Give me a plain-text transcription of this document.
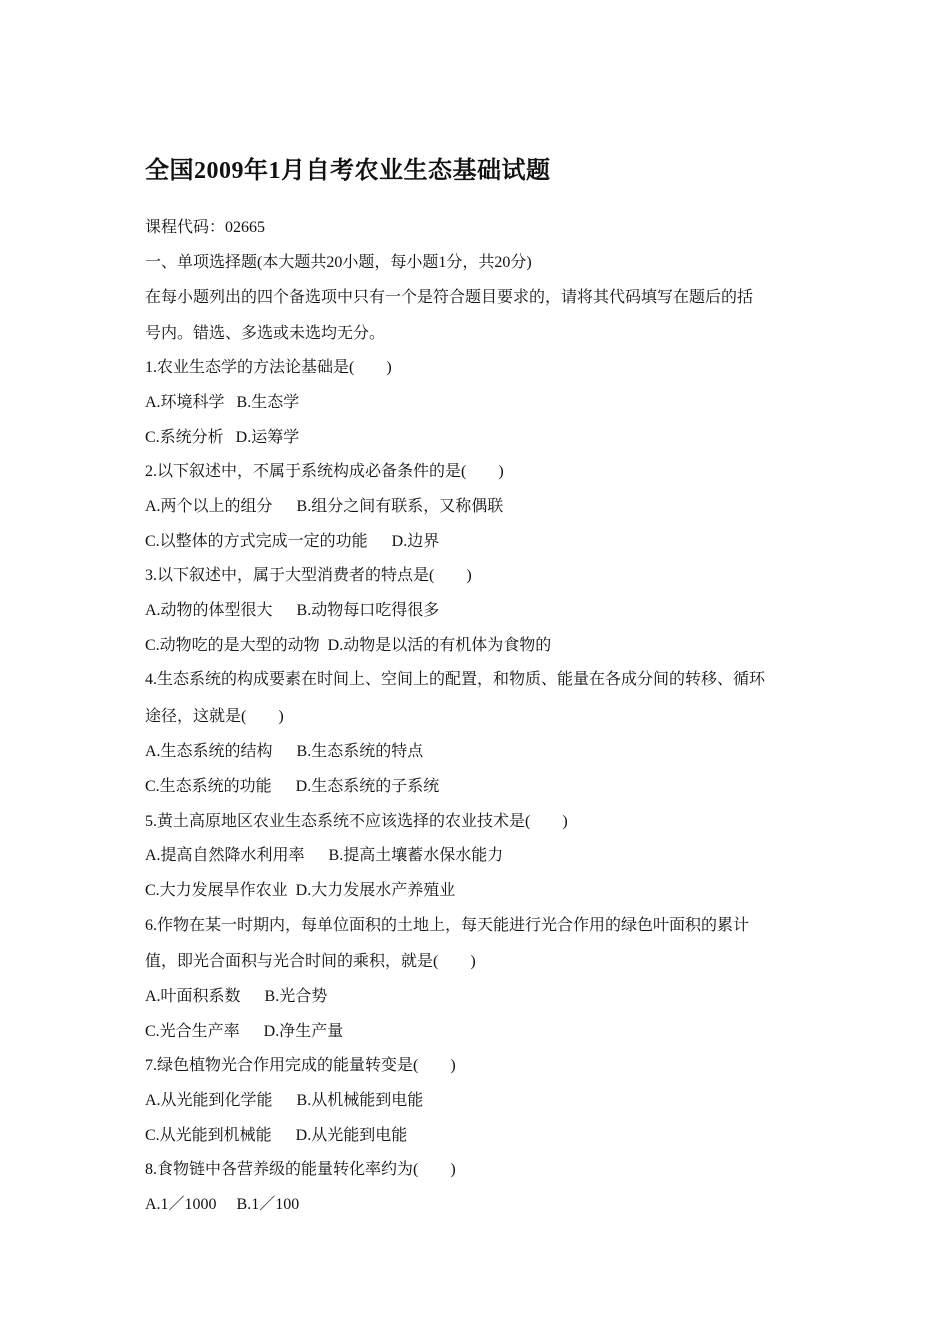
全国2009年1月自考农业生态基础试题
课程代码：02665
一、单项选择题(本大题共20小题，每小题1分，共20分)
在每小题列出的四个备选项中只有一个是符合题目要求的，请将其代码填写在题后的括
号内。错选、多选或未选均无分。
1.农业生态学的方法论基础是(　　)
A.环境科学   B.生态学
C.系统分析   D.运筹学
2.以下叙述中，不属于系统构成必备条件的是(　　)
A.两个以上的组分      B.组分之间有联系，又称偶联
C.以整体的方式完成一定的功能      D.边界
3.以下叙述中，属于大型消费者的特点是(　　)
A.动物的体型很大      B.动物每口吃得很多
C.动物吃的是大型的动物  D.动物是以活的有机体为食物的
4.生态系统的构成要素在时间上、空间上的配置，和物质、能量在各成分间的转移、循环
途径，这就是(　　)
A.生态系统的结构      B.生态系统的特点
C.生态系统的功能      D.生态系统的子系统
5.黄土高原地区农业生态系统不应该选择的农业技术是(　　)
A.提高自然降水利用率      B.提高土壤蓄水保水能力
C.大力发展旱作农业  D.大力发展水产养殖业
6.作物在某一时期内，每单位面积的土地上，每天能进行光合作用的绿色叶面积的累计
值，即光合面积与光合时间的乘积，就是(　　)
A.叶面积系数      B.光合势
C.光合生产率      D.净生产量
7.绿色植物光合作用完成的能量转变是(　　)
A.从光能到化学能      B.从机械能到电能
C.从光能到机械能      D.从光能到电能
8.食物链中各营养级的能量转化率约为(　　)
A.1／1000     B.1／100
